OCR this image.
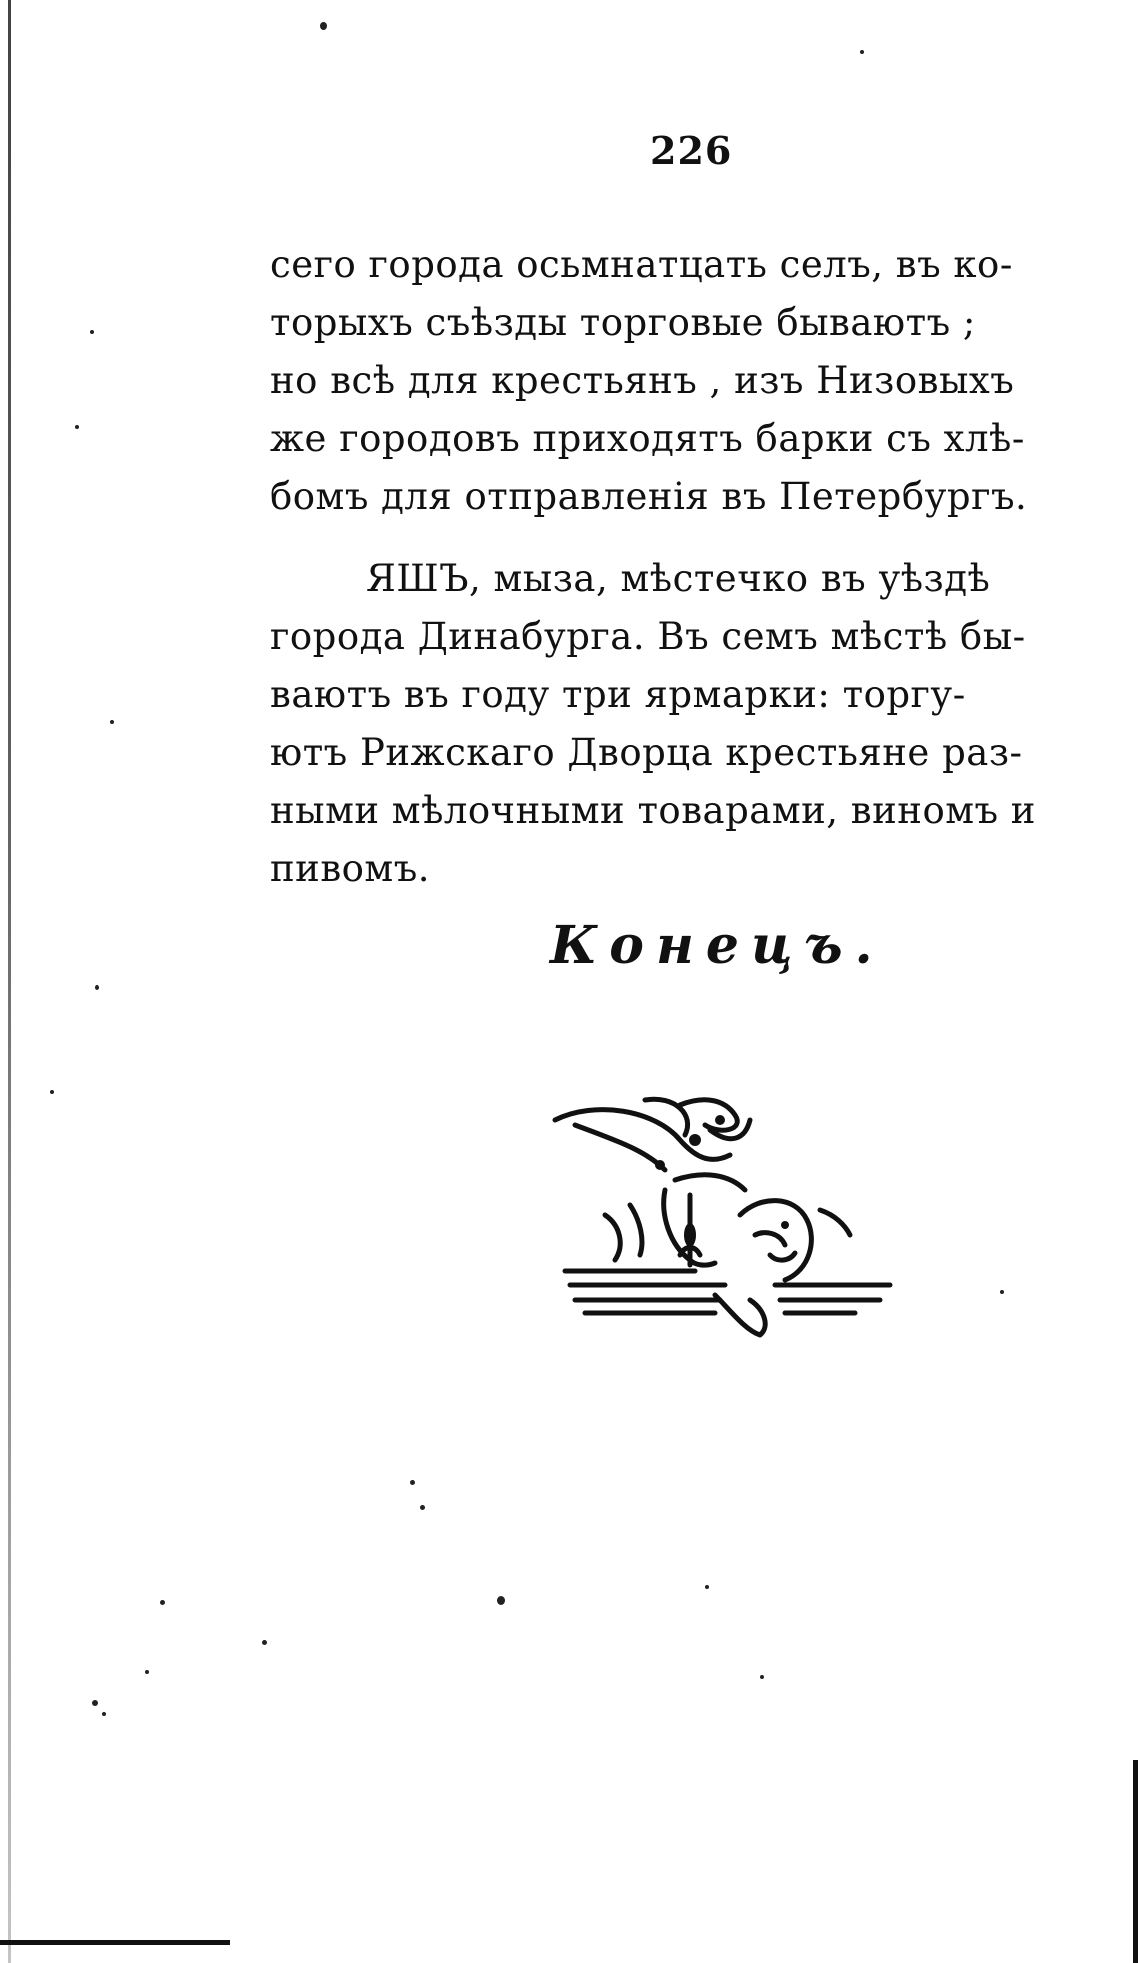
226
сего города осьмнатцать селъ, въ ко-
торыхъ съѣзды торговые бываютъ ;
но всѣ для крестьянъ , изъ Низовыхъ
же городовъ приходятъ барки съ хлѣ-
бомъ для отправленія въ Петербургъ.
ЯШЪ, мыза, мѣстечко въ уѣздѣ
города Динабурга. Въ семъ мѣстѣ бы-
ваютъ въ году три ярмарки: торгу-
ютъ Рижскаго Дворца крестьяне раз-
ными мѣлочными товарами, виномъ и
пивомъ.
Конецъ.
